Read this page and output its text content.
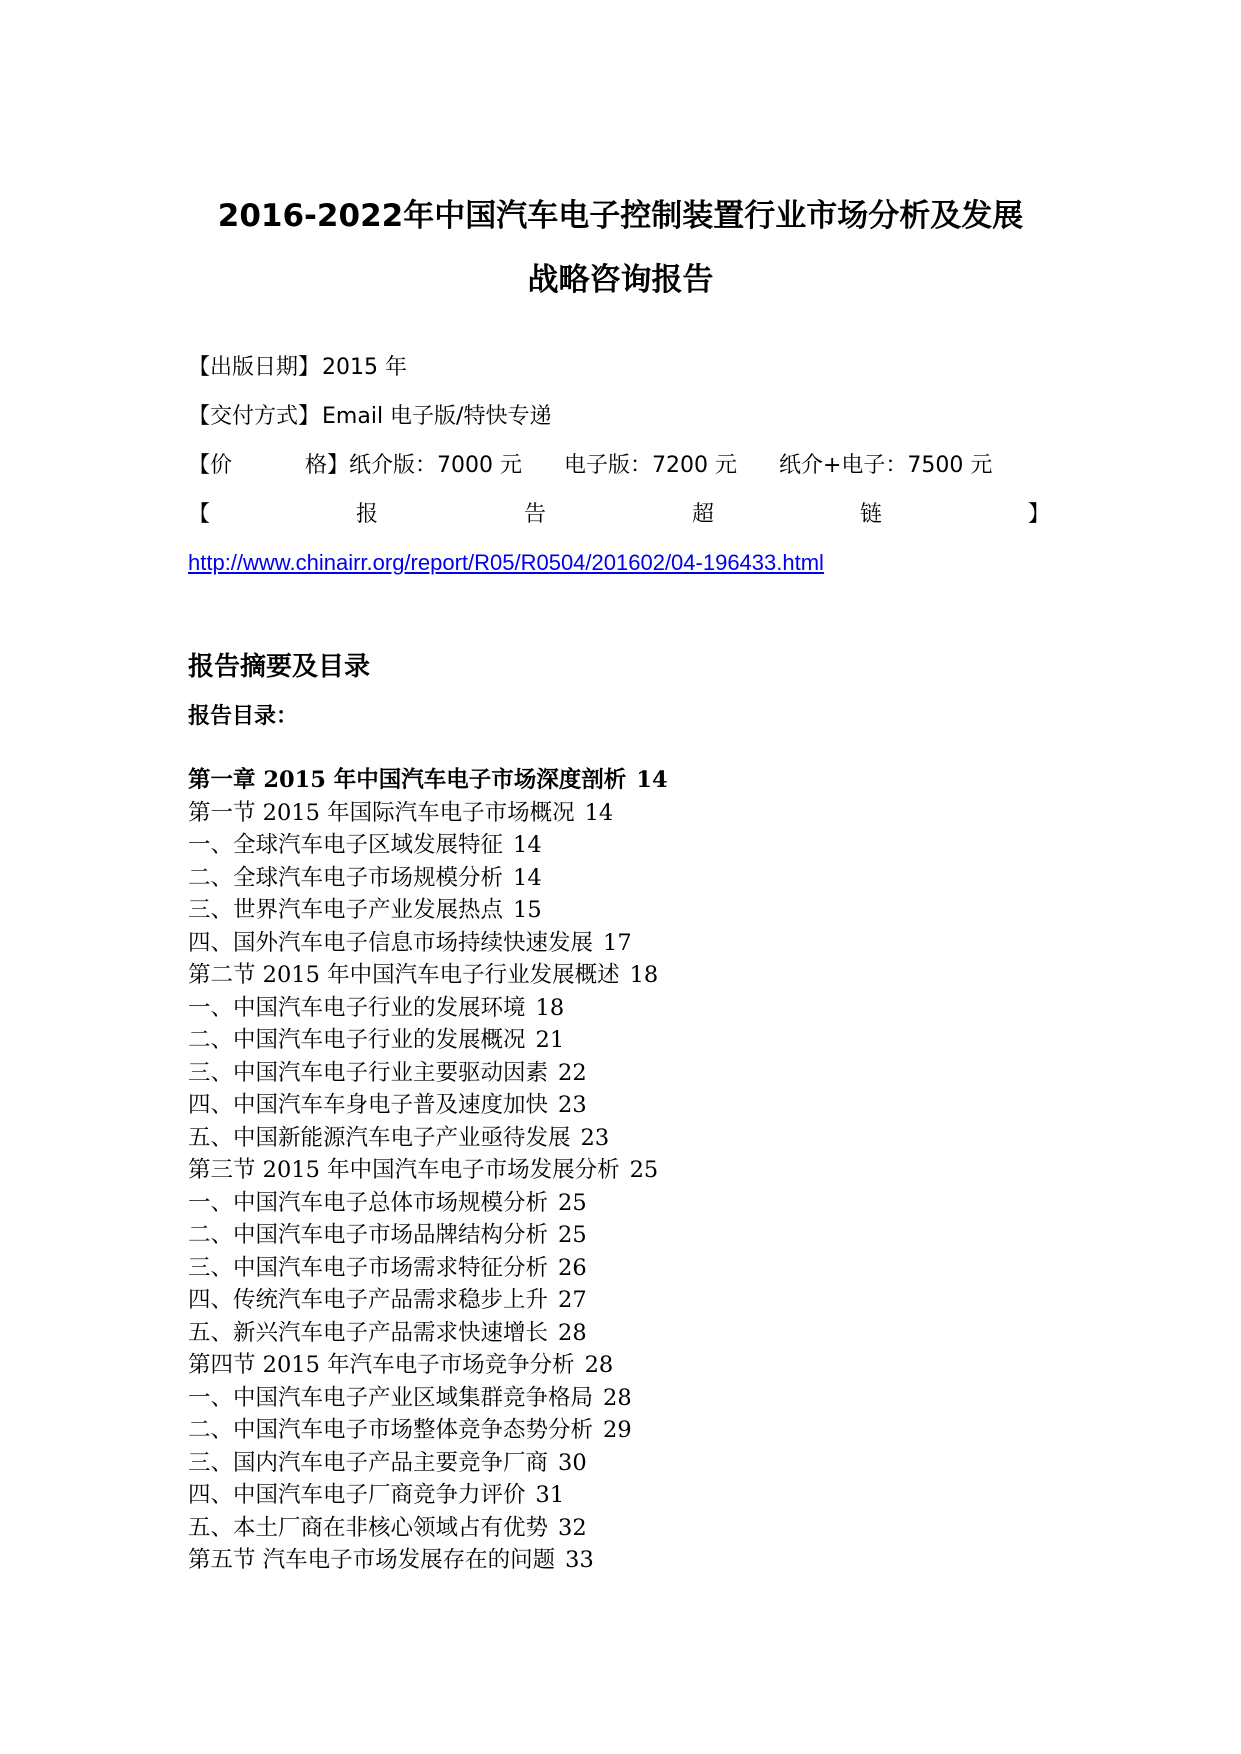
2016-2022年中国汽车电子控制装置行业市场分析及发展
战略咨询报告
【出版日期】2015 年
【交付方式】Email 电子版/特快专递
【价	格】纸介版：7000 元 电子版：7200 元 纸介+电子：7500 元
【	报	告	超	链	】
http://www.chinairr.org/report/R05/R0504/201602/04-196433.html
报告摘要及目录
报告目录：
第一章 2015 年中国汽车电子市场深度剖析 14
第一节 2015 年国际汽车电子市场概况 14
一、全球汽车电子区域发展特征 14
二、全球汽车电子市场规模分析 14
三、世界汽车电子产业发展热点 15
四、国外汽车电子信息市场持续快速发展 17
第二节 2015 年中国汽车电子行业发展概述 18
一、中国汽车电子行业的发展环境 18
二、中国汽车电子行业的发展概况 21
三、中国汽车电子行业主要驱动因素 22
四、中国汽车车身电子普及速度加快 23
五、中国新能源汽车电子产业亟待发展 23
第三节 2015 年中国汽车电子市场发展分析 25
一、中国汽车电子总体市场规模分析 25
二、中国汽车电子市场品牌结构分析 25
三、中国汽车电子市场需求特征分析 26
四、传统汽车电子产品需求稳步上升 27
五、新兴汽车电子产品需求快速增长 28
第四节 2015 年汽车电子市场竞争分析 28
一、中国汽车电子产业区域集群竞争格局 28
二、中国汽车电子市场整体竞争态势分析 29
三、国内汽车电子产品主要竞争厂商 30
四、中国汽车电子厂商竞争力评价 31
五、本土厂商在非核心领域占有优势 32
第五节 汽车电子市场发展存在的问题 33
